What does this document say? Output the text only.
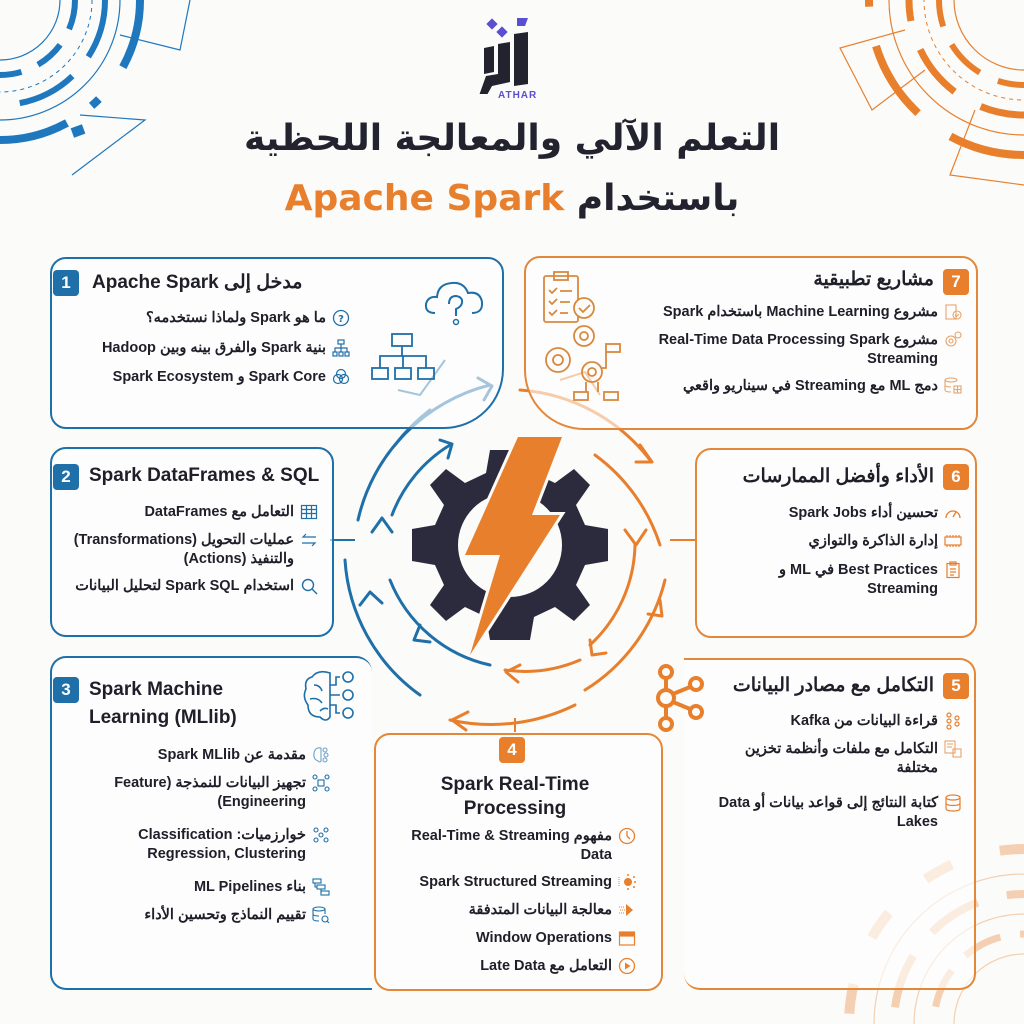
ATHAR
التعلم الآلي والمعالجة اللحظية
باستخدام Apache Spark
1	مدخل إلى Apache Spark
ما هو Spark ولماذا نستخدمه؟ ?
بنية Spark والفرق بينه وبين Hadoop
Spark Core و Spark Ecosystem
2 Spark DataFrames & SQL
التعامل مع DataFrames
عمليات التحويل (Transformations) والتنفيذ (Actions)
استخدام Spark SQL لتحليل البيانات
3 Spark Machine Learning (MLlib)
مقدمة عن Spark MLlib
تجهيز البيانات للنمذجة (Feature Engineering)
خوارزميات: Classification Regression, Clustering
بناء ML Pipelines
تقييم النماذج وتحسين الأداء
4
Spark Real-Time Processing
مفهوم Real-Time & Streaming Data
Spark Structured Streaming
معالجة البيانات المتدفقة
Window Operations
التعامل مع Late Data
5
التكامل مع مصادر البيانات
قراءة البيانات من Kafka
التكامل مع ملفات وأنظمة تخزين مختلفة
كتابة النتائج إلى قواعد بيانات أو Data Lakes
6
الأداء وأفضل الممارسات
تحسين أداء Spark Jobs
إدارة الذاكرة والتوازي
Best Practices في ML و Streaming
7
مشاريع تطبيقية
مشروع Machine Learning باستخدام Spark
مشروع Real-Time Data Processing Spark Streaming
دمج ML مع Streaming في سيناريو واقعي
